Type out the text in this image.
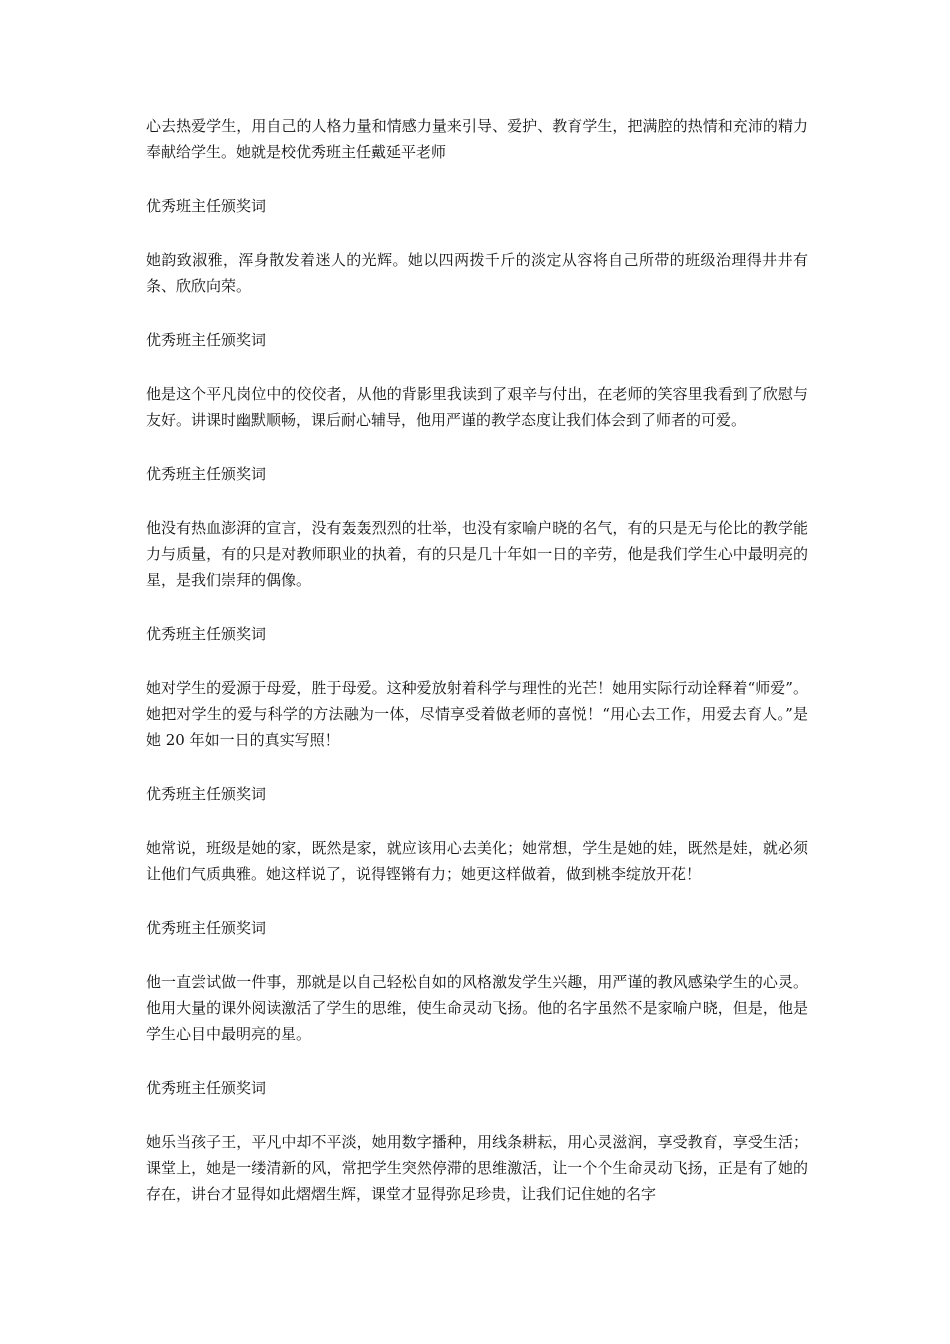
心去热爱学生，用自己的人格力量和情感力量来引导、爱护、教育学生，把满腔的热情和充沛的精力奉献给学生。她就是校优秀班主任戴延平老师

优秀班主任颁奖词

她韵致淑雅，浑身散发着迷人的光辉。她以四两拨千斤的淡定从容将自己所带的班级治理得井井有条、欣欣向荣。

优秀班主任颁奖词

他是这个平凡岗位中的佼佼者，从他的背影里我读到了艰辛与付出，在老师的笑容里我看到了欣慰与友好。讲课时幽默顺畅，课后耐心辅导，他用严谨的教学态度让我们体会到了师者的可爱。

优秀班主任颁奖词

他没有热血澎湃的宣言，没有轰轰烈烈的壮举，也没有家喻户晓的名气，有的只是无与伦比的教学能力与质量，有的只是对教师职业的执着，有的只是几十年如一日的辛劳，他是我们学生心中最明亮的星，是我们崇拜的偶像。

优秀班主任颁奖词

她对学生的爱源于母爱，胜于母爱。这种爱放射着科学与理性的光芒！她用实际行动诠释着“师爱”。她把对学生的爱与科学的方法融为一体，尽情享受着做老师的喜悦！“用心去工作，用爱去育人。”是她 20 年如一日的真实写照！

优秀班主任颁奖词

她常说，班级是她的家，既然是家，就应该用心去美化；她常想，学生是她的娃，既然是娃，就必须让他们气质典雅。她这样说了，说得铿锵有力；她更这样做着，做到桃李绽放开花！

优秀班主任颁奖词

他一直尝试做一件事，那就是以自己轻松自如的风格激发学生兴趣，用严谨的教风感染学生的心灵。他用大量的课外阅读激活了学生的思维，使生命灵动飞扬。他的名字虽然不是家喻户晓，但是，他是学生心目中最明亮的星。

优秀班主任颁奖词

她乐当孩子王，平凡中却不平淡，她用数字播种，用线条耕耘，用心灵滋润，享受教育，享受生活；课堂上，她是一缕清新的风，常把学生突然停滞的思维激活，让一个个生命灵动飞扬，正是有了她的存在，讲台才显得如此熠熠生辉，课堂才显得弥足珍贵，让我们记住她的名字
